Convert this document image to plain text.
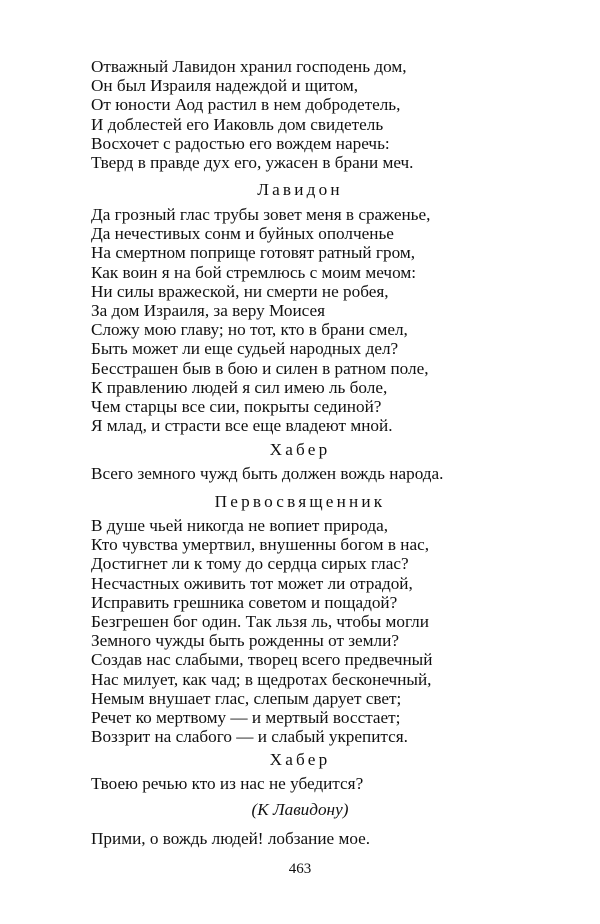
Отважный Лавидон хранил господень дом,
Он был Израиля надеждой и щитом,
От юности Аод растил в нем добродетель,
И доблестей его Иаковль дом свидетель
Восхочет с радостью его вождем наречь:
Тверд в правде дух его, ужасен в брани меч.
Лавидон
Да грозный глас трубы зовет меня в сраженье,
Да нечестивых сонм и буйных ополченье
На смертном поприще готовят ратный гром,
Как воин я на бой стремлюсь с моим мечом:
Ни силы вражеской, ни смерти не робея,
За дом Израиля, за веру Моисея
Сложу мою главу; но тот, кто в брани смел,
Быть может ли еще судьей народных дел?
Бесстрашен быв в бою и силен в ратном поле,
К правлению людей я сил имею ль боле,
Чем старцы все сии, покрыты сединой?
Я млад, и страсти все еще владеют мной.
Хабер
Всего земного чужд быть должен вождь народа.
Первосвященник
В душе чьей никогда не вопиет природа,
Кто чувства умертвил, внушенны богом в нас,
Достигнет ли к тому до сердца сирых глас?
Несчастных оживить тот может ли отрадой,
Исправить грешника советом и пощадой?
Безгрешен бог один. Так льзя ль, чтобы могли
Земного чужды быть рожденны от земли?
Создав нас слабыми, творец всего предвечный
Нас милует, как чад; в щедротах бесконечный,
Немым внушает глас, слепым дарует свет;
Речет ко мертвому — и мертвый восстает;
Воззрит на слабого — и слабый укрепится.
Хабер
Твоею речью кто из нас не убедится?
(К Лавидону)
Прими, о вождь людей! лобзание мое.
463
